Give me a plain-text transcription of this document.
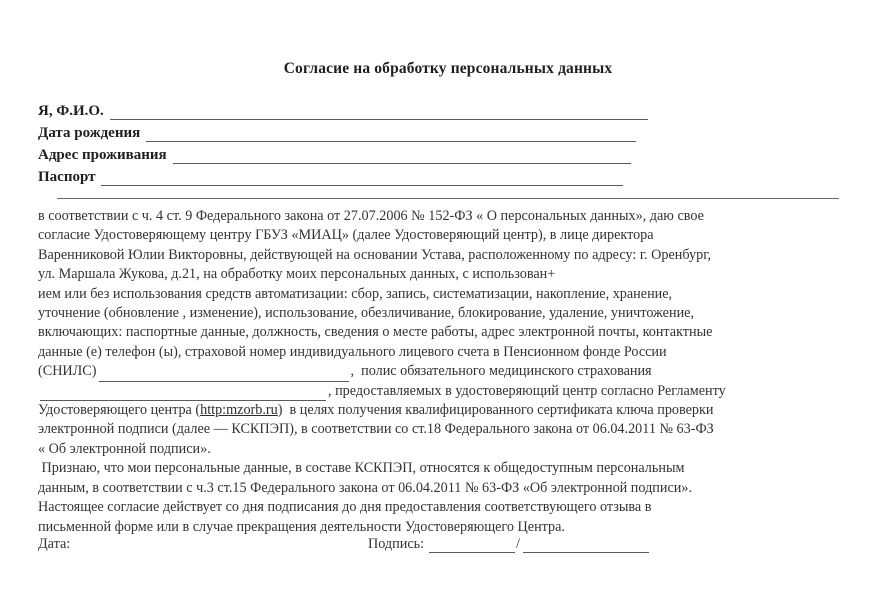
Согласие на обработку персональных данных
Я, Ф.И.О.
Дата рождения
Адрес проживания
Паспорт

в соответствии с ч. 4 ст. 9 Федерального закона от 27.07.2006 № 152-ФЗ « О персональных данных», даю свое
согласие Удостоверяющему центру ГБУЗ «МИАЦ» (далее Удостоверяющий центр), в лице директора
Варенниковой Юлии Викторовны, действующей на основании Устава, расположенному по адресу: г. Оренбург,
ул. Маршала Жукова, д.21, на обработку моих персональных данных, с использован+
ием или без использования средств автоматизации: сбор, запись, систематизации, накопление, хранение,
уточнение (обновление , изменение), использование, обезличивание, блокирование, удаление, уничтожение,
включающих: паспортные данные, должность, сведения о месте работы, адрес электронной почты, контактные
данные (е) телефон (ы), страховой номер индивидуального лицевого счета в Пенсионном фонде России

(СНИЛС)	,  полис обязательного медицинского страхования

, предоставляемых в удостоверяющий центр согласно Регламенту

Удостоверяющего центра (http:mzorb.ru)  в целях получения квалифицированного сертификата ключа проверки

электронной подписи (далее — КСКПЭП), в соответствии со ст.18 Федерального закона от 06.04.2011 № 63-ФЗ
« Об электронной подписи».

Признаю, что мои персональные данные, в составе КСКПЭП, относятся к общедоступным персональным
данным, в соответствии с ч.3 ст.15 Федерального закона от 06.04.2011 № 63-ФЗ «Об электронной подписи».

Настоящее согласие действует со дня подписания до дня предоставления соответствующего отзыва в
письменной форме или в случае прекращения деятельности Удостоверяющего Центра.

Дата:	Подпись:	/
